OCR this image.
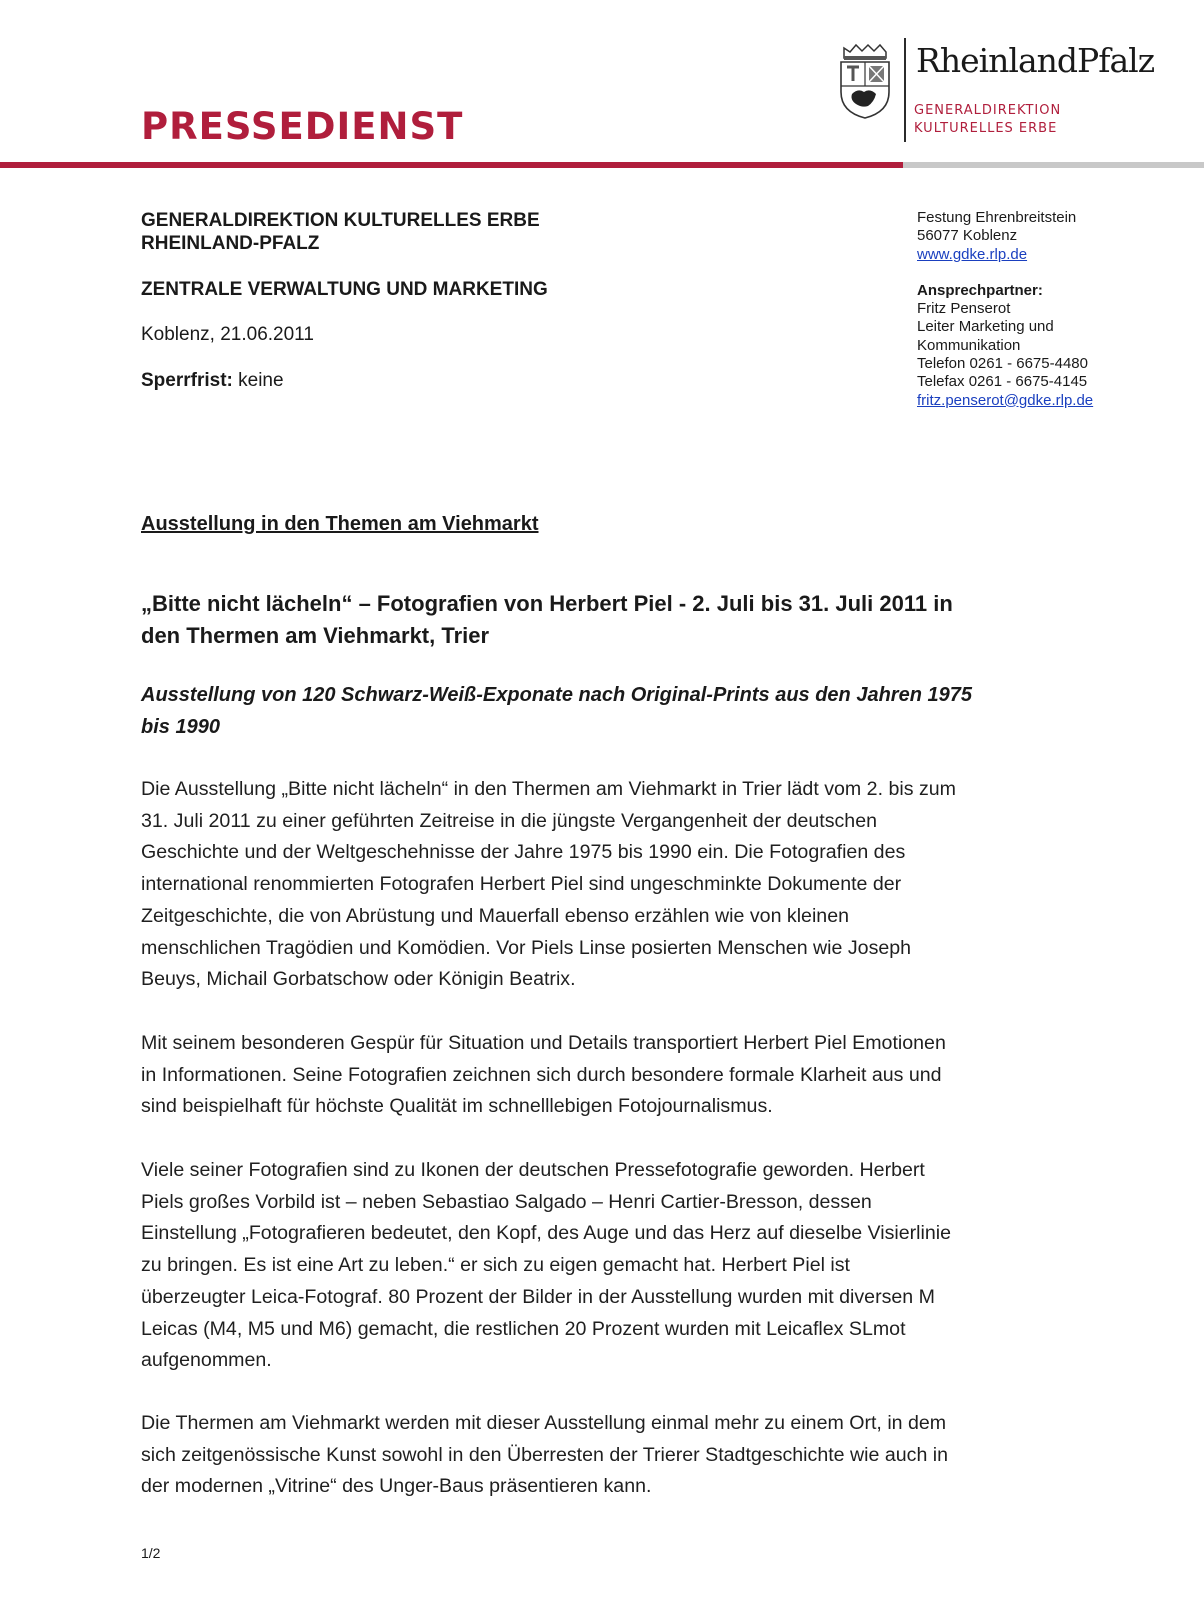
PRESSEDIENST

RheinlandPfalz

GENERALDIREKTION

KULTURELLES ERBE

GENERALDIREKTION KULTURELLES ERBE
RHEINLAND-PFALZ
ZENTRALE VERWALTUNG UND MARKETING
Koblenz, 21.06.2011
Sperrfrist: keine
Festung Ehrenbreitstein
56077 Koblenz
www.gdke.rlp.de
Ansprechpartner:
Fritz Penserot
Leiter Marketing und
Kommunikation
Telefon 0261 - 6675-4480
Telefax 0261 - 6675-4145
fritz.penserot@gdke.rlp.de
Ausstellung in den Themen am Viehmarkt
„Bitte nicht lächeln“ – Fotografien von Herbert Piel - 2. Juli bis 31. Juli 2011 in
den Thermen am Viehmarkt, Trier
Ausstellung von 120 Schwarz-Weiß-Exponate nach Original-Prints aus den Jahren 1975
bis 1990
Die Ausstellung „Bitte nicht lächeln“ in den Thermen am Viehmarkt in Trier lädt vom 2. bis zum
31. Juli 2011 zu einer geführten Zeitreise in die jüngste Vergangenheit der deutschen
Geschichte und der Weltgeschehnisse der Jahre 1975 bis 1990 ein. Die Fotografien des
international renommierten Fotografen Herbert Piel sind ungeschminkte Dokumente der
Zeitgeschichte, die von Abrüstung und Mauerfall ebenso erzählen wie von kleinen
menschlichen Tragödien und Komödien. Vor Piels Linse posierten Menschen wie Joseph
Beuys, Michail Gorbatschow oder Königin Beatrix.
Mit seinem besonderen Gespür für Situation und Details transportiert Herbert Piel Emotionen
in Informationen. Seine Fotografien zeichnen sich durch besondere formale Klarheit aus und
sind beispielhaft für höchste Qualität im schnelllebigen Fotojournalismus.
Viele seiner Fotografien sind zu Ikonen der deutschen Pressefotografie geworden. Herbert
Piels großes Vorbild ist – neben Sebastiao Salgado – Henri Cartier-Bresson, dessen
Einstellung „Fotografieren bedeutet, den Kopf, des Auge und das Herz auf dieselbe Visierlinie
zu bringen. Es ist eine Art zu leben.“ er sich zu eigen gemacht hat. Herbert Piel ist
überzeugter Leica-Fotograf. 80 Prozent der Bilder in der Ausstellung wurden mit diversen M
Leicas (M4, M5 und M6) gemacht, die restlichen 20 Prozent wurden mit Leicaflex SLmot
aufgenommen.
Die Thermen am Viehmarkt werden mit dieser Ausstellung einmal mehr zu einem Ort, in dem
sich zeitgenössische Kunst sowohl in den Überresten der Trierer Stadtgeschichte wie auch in
der modernen „Vitrine“ des Unger-Baus präsentieren kann.
1/2
